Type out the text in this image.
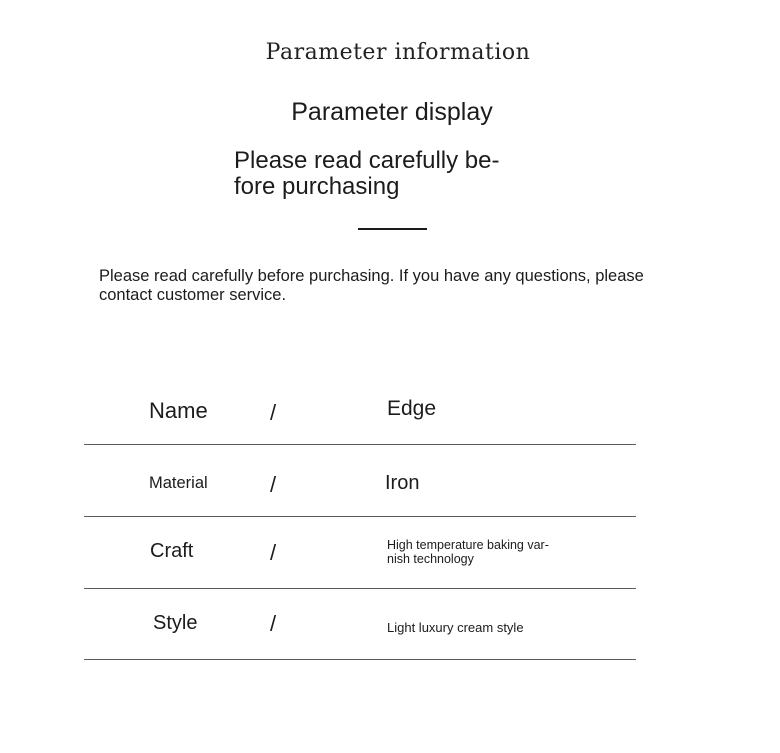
Parameter information
Parameter display
Please read carefully be-fore purchasing
Please read carefully before purchasing. If you have any questions, please contact customer service.
Name	/	Edge
Material	/	Iron
Craft	/	High temperature baking var-nish technology
Style	/	Light luxury cream style
